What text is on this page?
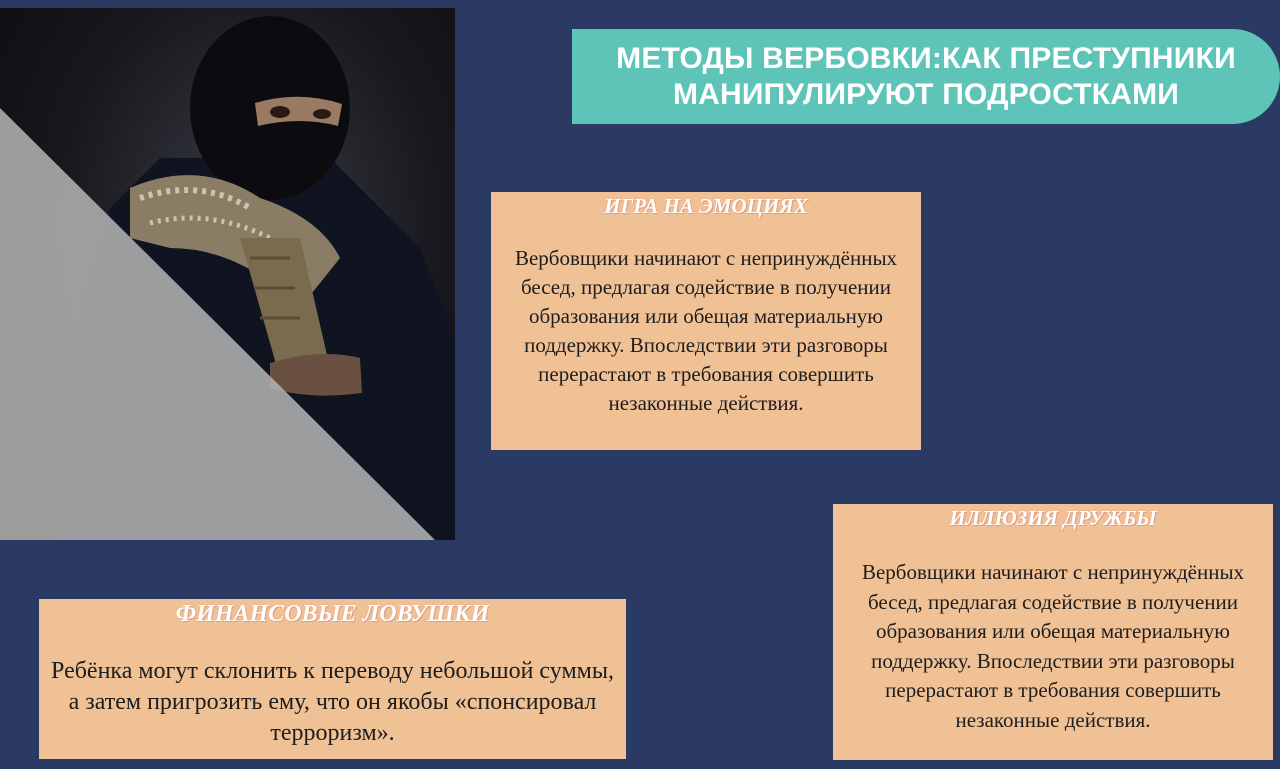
МЕТОДЫ ВЕРБОВКИ:КАК ПРЕСТУПНИКИ МАНИПУЛИРУЮТ ПОДРОСТКАМИ
ИГРА НА ЭМОЦИЯХ
Вербовщики начинают с непринуждённых бесед, предлагая содействие в получении образования или обещая материальную поддержку. Впоследствии эти разговоры перерастают в требования совершить незаконные действия.
ИЛЛЮЗИЯ ДРУЖБЫ
Вербовщики начинают с непринуждённых бесед, предлагая содействие в получении образования или обещая материальную поддержку. Впоследствии эти разговоры перерастают в требования совершить незаконные действия.
ФИНАНСОВЫЕ ЛОВУШКИ
Ребёнка могут склонить к переводу небольшой суммы, а затем пригрозить ему, что он якобы «спонсировал терроризм».
